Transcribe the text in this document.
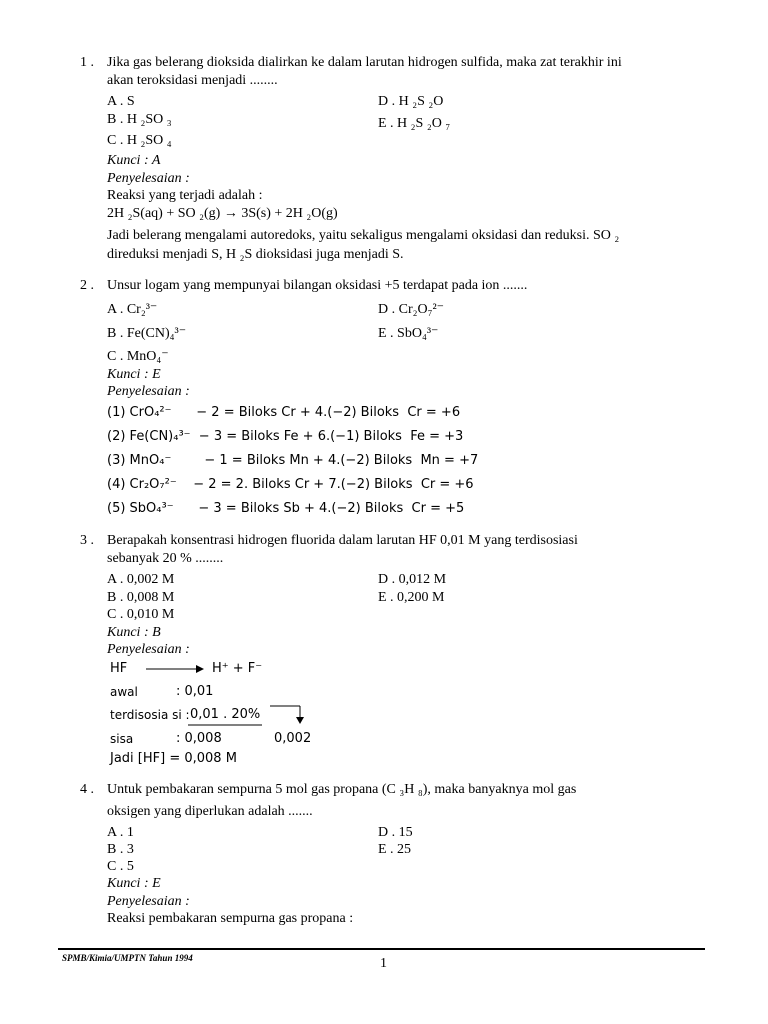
1 . Jika gas belerang dioksida dialirkan ke dalam larutan hidrogen sulfida, maka zat terakhir ini
akan teroksidasi menjadi ........
A . S
B . H ₂SO ₃
C . H ₂SO ₄
D . H ₂S ₂O
E . H ₂S ₂O ₇
Kunci : A
Penyelesaian :
Reaksi yang terjadi adalah :
2H ₂S(aq) + SO ₂(g) → 3S(s) + 2H ₂O(g)
Jadi belerang mengalami autoredoks, yaitu sekaligus mengalami oksidasi dan reduksi. SO ₂
direduksi menjadi S, H ₂S dioksidasi juga menjadi S.
2 . Unsur logam yang mempunyai bilangan oksidasi +5 terdapat pada ion .......
A . Cr₂³⁻
B . Fe(CN)₄³⁻
C . MnO₄⁻
D . Cr₂O₇²⁻
E . SbO₄³⁻
Kunci : E
Penyelesaian :
(1) CrO₄²⁻      − 2 = Biloks Cr + 4.(−2) Biloks  Cr = +6
(2) Fe(CN)₄³⁻  − 3 = Biloks Fe + 6.(−1) Biloks  Fe = +3
(3) MnO₄⁻        − 1 = Biloks Mn + 4.(−2) Biloks  Mn = +7
(4) Cr₂O₇²⁻    − 2 = 2. Biloks Cr + 7.(−2) Biloks  Cr = +6
(5) SbO₄³⁻      − 3 = Biloks Sb + 4.(−2) Biloks  Cr = +5
3 . Berapakah konsentrasi hidrogen fluorida dalam larutan HF 0,01 M yang terdisosiasi
sebanyak 20 % ........
A . 0,002 M
B . 0,008 M
C . 0,010 M
D . 0,012 M
E . 0,200 M
Kunci : B
Penyelesaian :
HF	H⁺ + F⁻
awal	: 0,01
terdisosia si : 0,01 . 20%
sisa	: 0,008	0,002
Jadi [HF] = 0,008 M
4 . Untuk pembakaran sempurna 5 mol gas propana (C ₃H ₈), maka banyaknya mol gas
oksigen yang diperlukan adalah .......
A . 1
B . 3
C . 5
D . 15
E . 25
Kunci : E
Penyelesaian :
Reaksi pembakaran sempurna gas propana :
SPMB/Kimia/UMPTN Tahun 1994	1
